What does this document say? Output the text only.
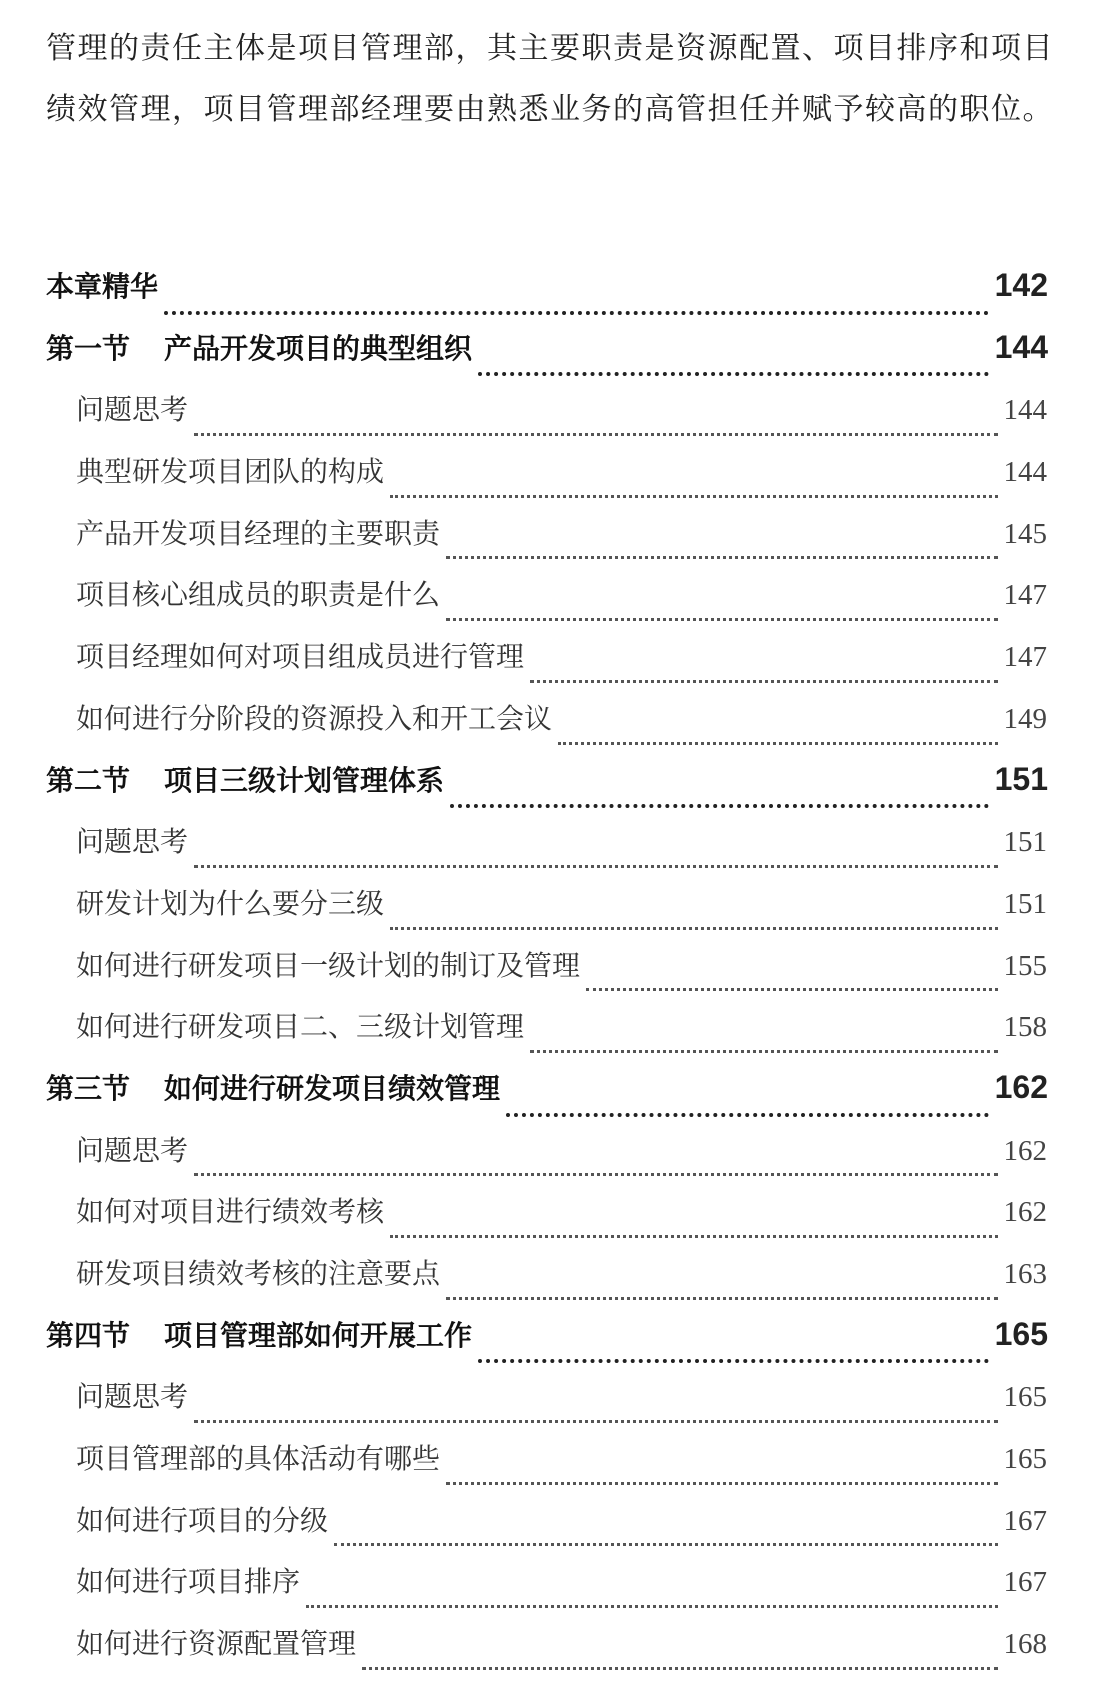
管理的责任主体是项目管理部，其主要职责是资源配置、项目排序和项目绩效管理，项目管理部经理要由熟悉业务的高管担任并赋予较高的职位。

本章精华	142
第一节 产品开发项目的典型组织	144
问题思考	144
典型研发项目团队的构成	144
产品开发项目经理的主要职责	145
项目核心组成员的职责是什么	147
项目经理如何对项目组成员进行管理	147
如何进行分阶段的资源投入和开工会议	149
第二节 项目三级计划管理体系	151
问题思考	151
研发计划为什么要分三级	151
如何进行研发项目一级计划的制订及管理	155
如何进行研发项目二、三级计划管理	158
第三节 如何进行研发项目绩效管理	162
问题思考	162
如何对项目进行绩效考核	162
研发项目绩效考核的注意要点	163
第四节 项目管理部如何开展工作	165
问题思考	165
项目管理部的具体活动有哪些	165
如何进行项目的分级	167
如何进行项目排序	167
如何进行资源配置管理	168
